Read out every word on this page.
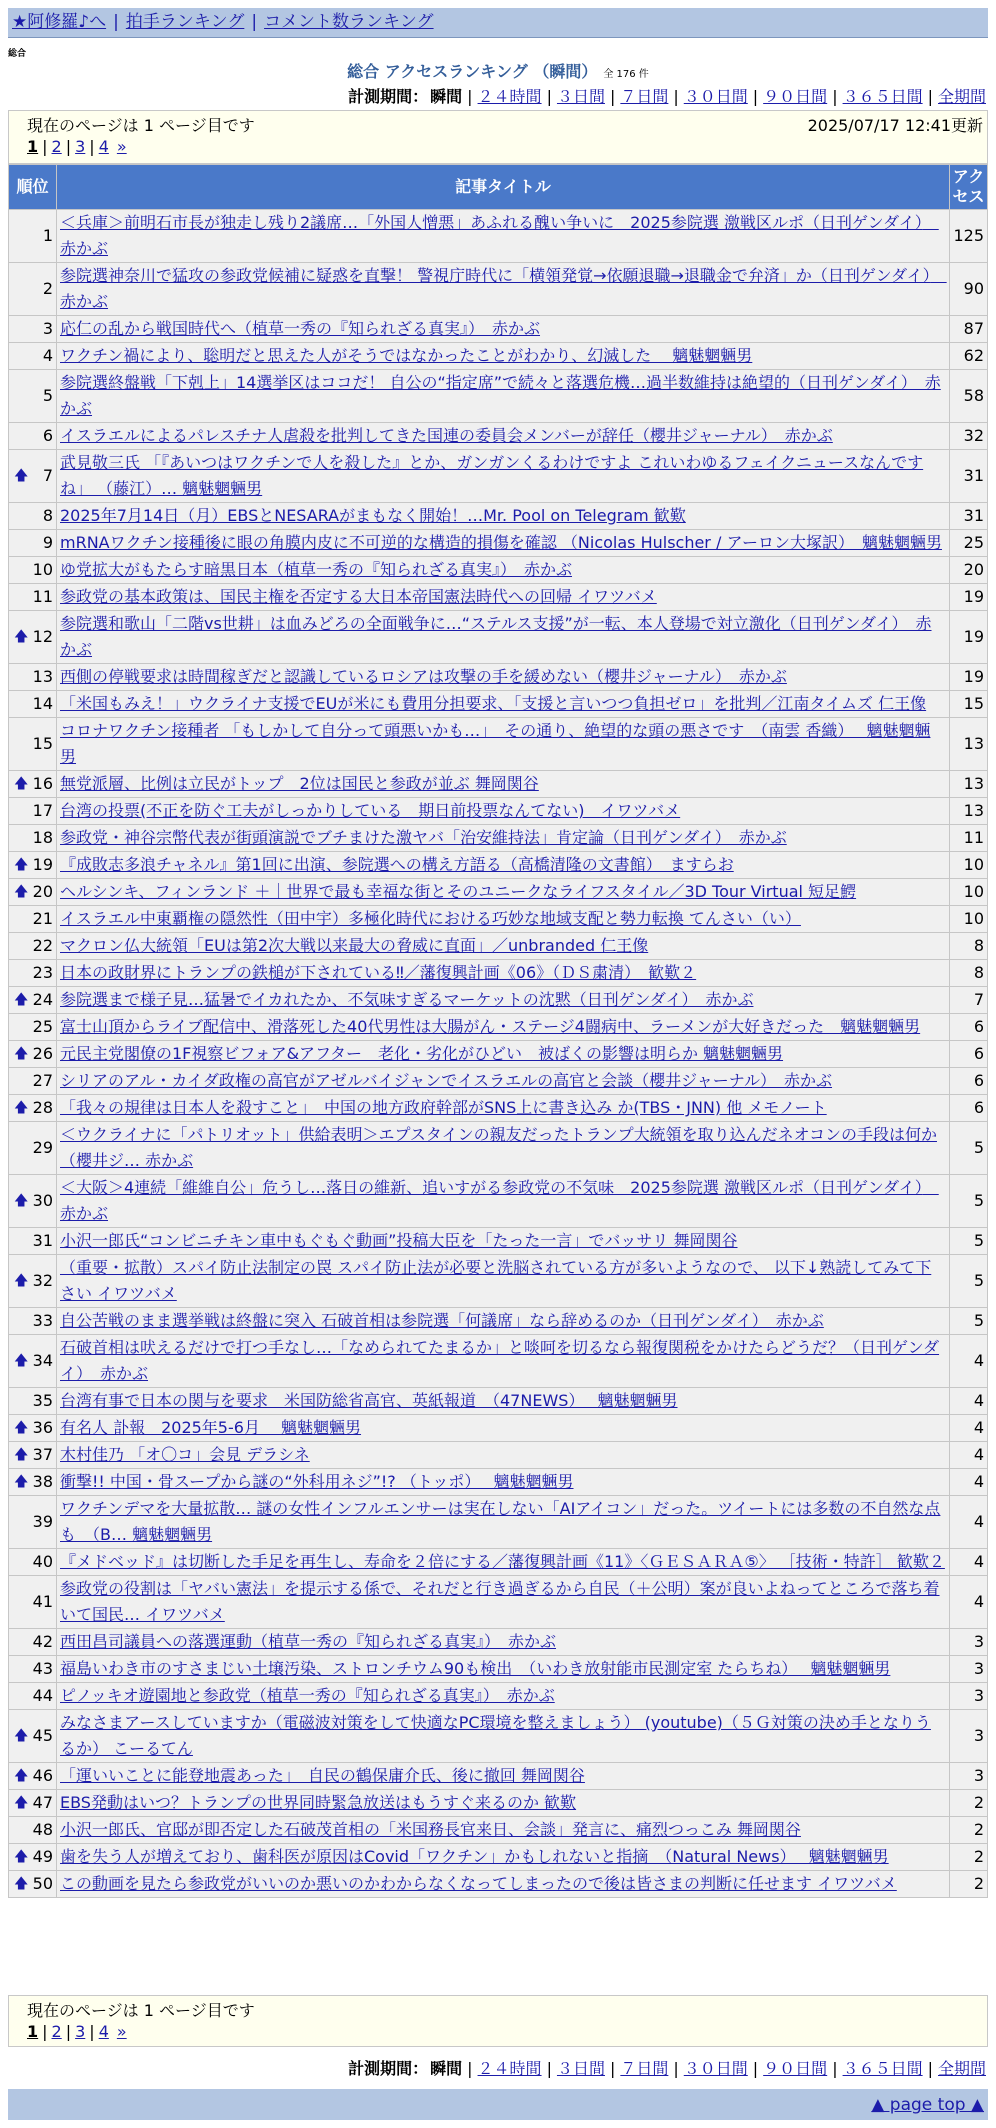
★阿修羅♪へ | 拍手ランキング | コメント数ランキング
総合
総合 アクセスランキング （瞬間） 全 176 件
計測期間： 瞬間 | ２４時間 | ３日間 | ７日間 | ３０日間 | ９０日間 | ３６５日間 | 全期間
現在のページは 1 ページ目です	2025/07/17 12:41更新
1 | 2 | 3 | 4 »
順位	記事タイトル	アクセス
1	＜兵庫＞前明石市長が独走し残り2議席…「外国人憎悪」あふれる醜い争いに　2025参院選 激戦区ルポ（日刊ゲンダイ）　赤かぶ	125
2	参院選神奈川で猛攻の参政党候補に疑惑を直撃！ 警視庁時代に「横領発覚→依願退職→退職金で弁済」か（日刊ゲンダイ）　赤かぶ	90
3	応仁の乱から戦国時代へ（植草一秀の『知られざる真実』）　赤かぶ	87
4	ワクチン禍により、聡明だと思えた人がそうではなかったことがわかり、幻滅した　 魑魅魍魎男	62
5	参院選終盤戦「下剋上」14選挙区はココだ！ 自公の“指定席”で続々と落選危機…過半数維持は絶望的（日刊ゲンダイ）　赤かぶ	58
6	イスラエルによるパレスチナ人虐殺を批判してきた国連の委員会メンバーが辞任（櫻井ジャーナル）　赤かぶ	32

🡅 7	武見敬三氏 「『あいつはワクチンで人を殺した』とか、ガンガンくるわけですよ これいわゆるフェイクニュースなんですね」 （藤江）… 魑魅魍魎男	31
8	2025年7月14日（月）EBSとNESARAがまもなく開始！…Mr. Pool on Telegram 歓歎	31
9	mRNAワクチン接種後に眼の角膜内皮に不可逆的な構造的損傷を確認 （Nicolas Hulscher / アーロン大塚訳）　魑魅魍魎男	25
10	ゆ党拡大がもたらす暗黒日本（植草一秀の『知られざる真実』）　赤かぶ	20
11	参政党の基本政策は、国民主権を否定する大日本帝国憲法時代への回帰 イワツバメ	19

🡅 12	参院選和歌山「二階vs世耕」は血みどろの全面戦争に…“ステルス支援”が一転、本人登場で対立激化（日刊ゲンダイ）　赤かぶ	19
13	西側の停戦要求は時間稼ぎだと認識しているロシアは攻撃の手を緩めない（櫻井ジャーナル）　赤かぶ	19
14	「米国もみえ！」ウクライナ支援でEUが米にも費用分担要求、「支援と言いつつ負担ゼロ」を批判／江南タイムズ 仁王像	15
15	コロナワクチン接種者 「もしかして自分って頭悪いかも…」　その通り、絶望的な頭の悪さです　（南雲 香織）　 魑魅魍魎男	13

🡅 16	無党派層、比例は立民がトップ　2位は国民と参政が並ぶ 舞岡関谷	13
17	台湾の投票(不正を防ぐ工夫がしっかりしている　期日前投票なんてない)　イワツバメ	13
18	参政党・神谷宗幣代表が街頭演説でブチまけた激ヤバ「治安維持法」肯定論（日刊ゲンダイ）　赤かぶ	11

🡅 19	『成敗志多浪チャネル』第1回に出演、参院選への構え方語る（高橋清隆の文書館）　ますらお	10

🡅 20	ヘルシンキ、フィンランド ＋｜世界で最も幸福な街とそのユニークなライフスタイル／3D Tour Virtual 短足鰐	10
21	イスラエル中東覇権の隠然性（田中宇）多極化時代における巧妙な地域支配と勢力転換 てんさい（い）	10
22	マクロン仏大統領「EUは第2次大戦以来最大の脅威に直面」／unbranded 仁王像	8
23	日本の政財界にトランプの鉄槌が下されている‼／藩復興計画《06》（ＤＳ粛清）　歓歎２	8

🡅 24	参院選まで様子見…猛暑でイカれたか、不気味すぎるマーケットの沈黙（日刊ゲンダイ）　赤かぶ	7
25	富士山頂からライブ配信中、滑落死した40代男性は大腸がん・ステージ4闘病中、ラーメンが大好きだった　魑魅魍魎男	6

🡅 26	元民主党閣僚の1F視察ビフォア&アフター　老化・劣化がひどい　被ばくの影響は明らか 魑魅魍魎男	6
27	シリアのアル・カイダ政権の高官がアゼルバイジャンでイスラエルの高官と会談（櫻井ジャーナル）　赤かぶ	6

🡅 28	「我々の規律は日本人を殺すこと」　中国の地方政府幹部がSNS上に書き込み か(TBS・JNN) 他 メモノート	6
29	＜ウクライナに「パトリオット」供給表明＞エプスタインの親友だったトランプ大統領を取り込んだネオコンの手段は何か（櫻井ジ… 赤かぶ	5

🡅 30	＜大阪＞4連続「維維自公」危うし…落日の維新、追いすがる参政党の不気味　2025参院選 激戦区ルポ（日刊ゲンダイ）　赤かぶ	5
31	小沢一郎氏“コンビニチキン車中もぐもぐ動画”投稿大臣を「たった一言」でバッサリ 舞岡関谷	5

🡅 32	（重要・拡散）スパイ防止法制定の罠 スパイ防止法が必要と洗脳されている方が多いようなので、 以下↓熟読してみて下さい イワツバメ	5
33	自公苦戦のまま選挙戦は終盤に突入 石破首相は参院選「何議席」なら辞めるのか（日刊ゲンダイ）　赤かぶ	5

🡅 34	石破首相は吠えるだけで打つ手なし…「なめられてたまるか」と啖呵を切るなら報復関税をかけたらどうだ？（日刊ゲンダイ）　赤かぶ	4
35	台湾有事で日本の関与を要求　米国防総省高官、英紙報道　（47NEWS）　 魑魅魍魎男	4

🡅 36	有名人 訃報　2025年5-6月　 魑魅魍魎男	4

🡅 37	木村佳乃 「オ〇コ」会見 デラシネ	4

🡅 38	衝撃!! 中国・骨スープから謎の“外科用ネジ”!? （トッポ）　 魑魅魍魎男	4
39	ワクチンデマを大量拡散… 謎の女性インフルエンサーは実在しない「AIアイコン」だった。ツイートには多数の不自然な点も　（B… 魑魅魍魎男	4
40	『メドベッド』は切断した手足を再生し、寿命を２倍にする／藩復興計画《11》〈ＧＥＳＡＲＡ⑤〉 ［技術・特許］ 歓歎２	4
41	参政党の役割は「ヤバい憲法」を提示する係で、それだと行き過ぎるから自民（＋公明）案が良いよねってところで落ち着いて国民… イワツバメ	4
42	西田昌司議員への落選運動（植草一秀の『知られざる真実』）　赤かぶ	3
43	福島いわき市のすさまじい土壌汚染、ストロンチウム90も検出　（いわき放射能市民測定室 たらちね）　 魑魅魍魎男	3
44	ピノッキオ遊園地と参政党（植草一秀の『知られざる真実』）　赤かぶ	3

🡅 45	みなさまアースしていますか（電磁波対策をして快適なPC環境を整えましょう） (youtube)（５Ｇ対策の決め手となりうるか） こーるてん	3

🡅 46	「運いいことに能登地震あった」　自民の鶴保庸介氏、後に撤回 舞岡関谷	3

🡅 47	EBS発動はいつ？トランプの世界同時緊急放送はもうすぐ来るのか 歓歎	2
48	小沢一郎氏、官邸が即否定した石破茂首相の「米国務長官来日、会談」発言に、痛烈つっこみ 舞岡関谷	2

🡅 49	歯を失う人が増えており、歯科医が原因はCovid「ワクチン」かもしれないと指摘　（Natural News）　 魑魅魍魎男	2

🡅 50	この動画を見たら参政党がいいのか悪いのかわからなくなってしまったので後は皆さまの判断に任せます イワツバメ	2
現在のページは 1 ページ目です
1 | 2 | 3 | 4 »
計測期間： 瞬間 | ２４時間 | ３日間 | ７日間 | ３０日間 | ９０日間 | ３６５日間 | 全期間
▲ page top ▲
